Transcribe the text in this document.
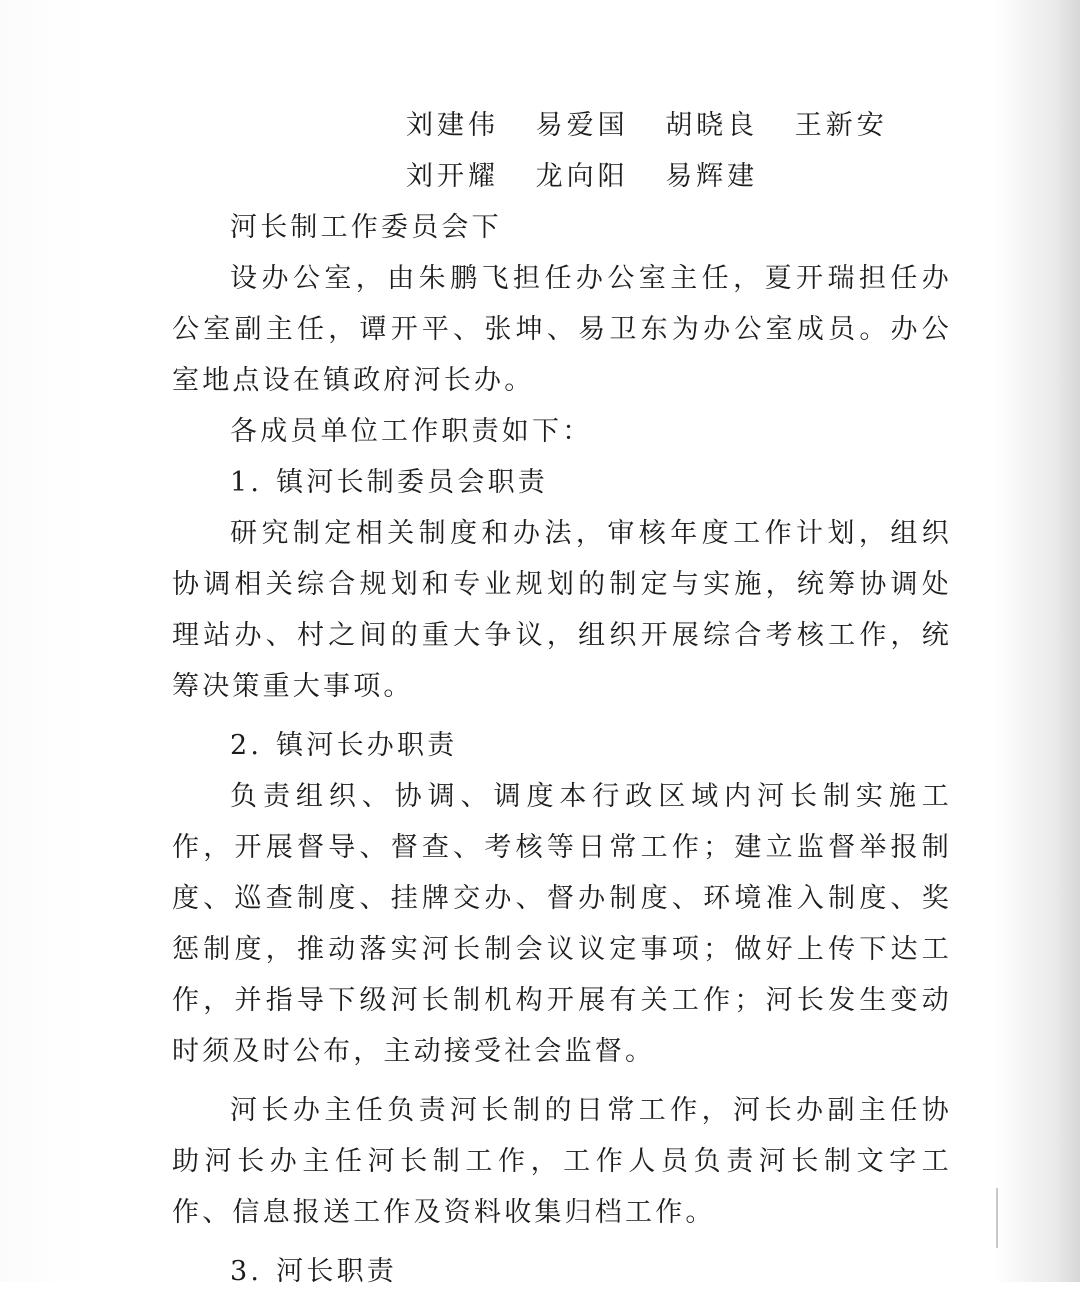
刘建伟 易爱国 胡晓良 王新安
刘开耀 龙向阳 易辉建
河长制工作委员会下

设办公室，由朱鹏飞担任办公室主任，夏开瑞担任办公室副主任，谭开平、张坤、易卫东为办公室成员。办公室地点设在镇政府河长办。

各成员单位工作职责如下：
1. 镇河长制委员会职责

研究制定相关制度和办法，审核年度工作计划，组织协调相关综合规划和专业规划的制定与实施，统筹协调处理站办、村之间的重大争议，组织开展综合考核工作，统筹决策重大事项。

2. 镇河长办职责

负责组织、协调、调度本行政区域内河长制实施工作，开展督导、督查、考核等日常工作；建立监督举报制度、巡查制度、挂牌交办、督办制度、环境准入制度、奖惩制度，推动落实河长制会议议定事项；做好上传下达工作，并指导下级河长制机构开展有关工作；河长发生变动时须及时公布，主动接受社会监督。

河长办主任负责河长制的日常工作，河长办副主任协助河长办主任河长制工作，工作人员负责河长制文字工作、信息报送工作及资料收集归档工作。

3. 河长职责
